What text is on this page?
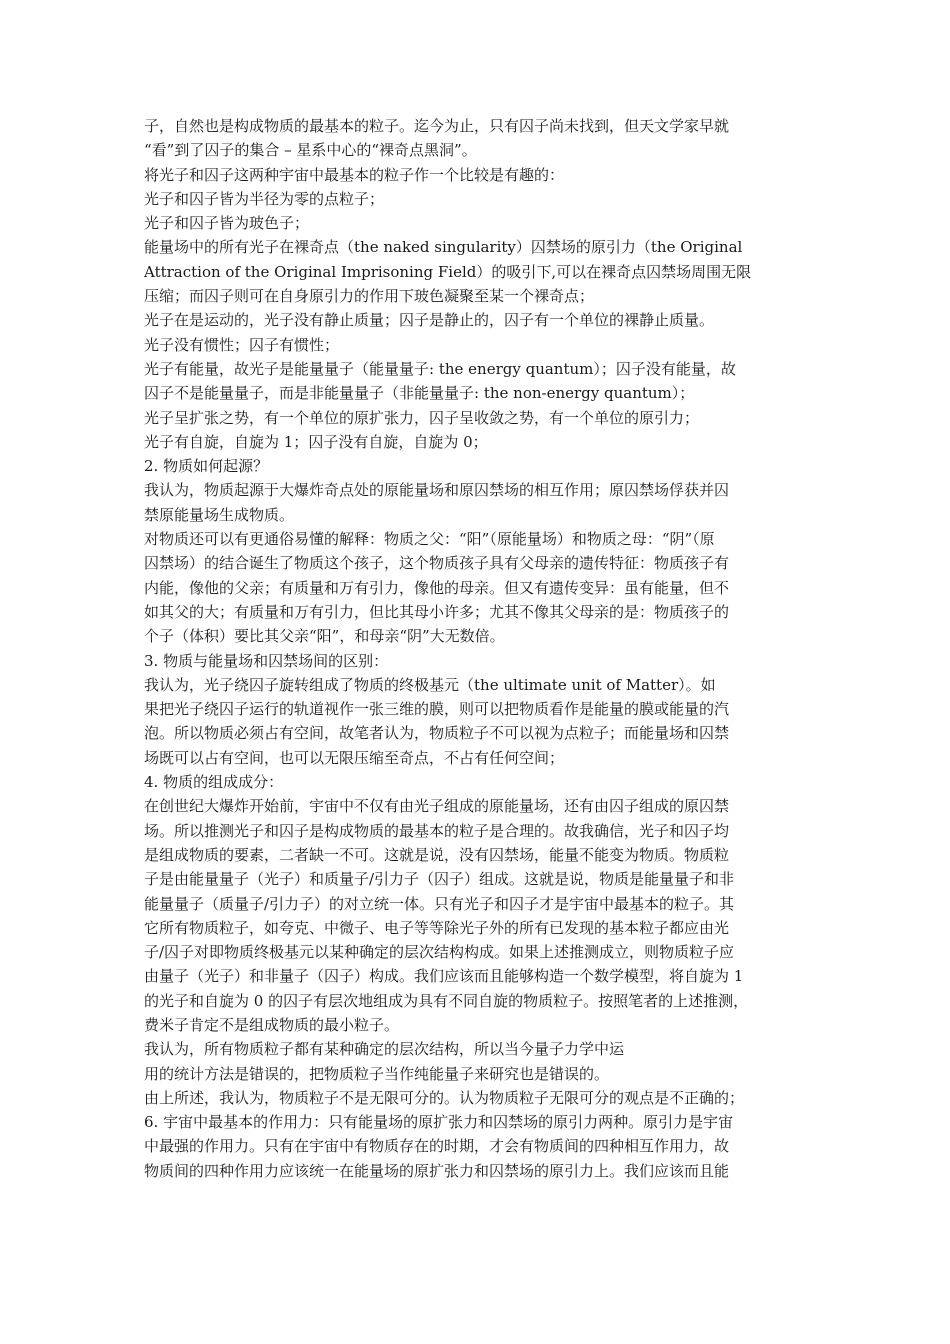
子，自然也是构成物质的最基本的粒子。迄今为止，只有囚子尚未找到，但天文学家早就
“看”到了囚子的集合 – 星系中心的“裸奇点黑洞”。
将光子和囚子这两种宇宙中最基本的粒子作一个比较是有趣的：
光子和囚子皆为半径为零的点粒子；
光子和囚子皆为玻色子；
能量场中的所有光子在裸奇点（the naked singularity）囚禁场的原引力（the Original
Attraction of the Original Imprisoning Field）的吸引下,可以在裸奇点囚禁场周围无限
压缩；而囚子则可在自身原引力的作用下玻色凝聚至某一个裸奇点；
光子在是运动的，光子没有静止质量；囚子是静止的，囚子有一个单位的裸静止质量。
光子没有惯性；囚子有惯性；
光子有能量，故光子是能量量子（能量量子: the energy quantum）；囚子没有能量，故
囚子不是能量量子，而是非能量量子（非能量量子: the non-energy quantum）；
光子呈扩张之势，有一个单位的原扩张力，囚子呈收敛之势，有一个单位的原引力；
光子有自旋，自旋为 1；囚子没有自旋，自旋为 0；
2. 物质如何起源？
我认为，物质起源于大爆炸奇点处的原能量场和原囚禁场的相互作用；原囚禁场俘获并囚
禁原能量场生成物质。
对物质还可以有更通俗易懂的解释：物质之父：“阳”（原能量场）和物质之母：“阴”（原
囚禁场）的结合诞生了物质这个孩子，这个物质孩子具有父母亲的遗传特征：物质孩子有
内能，像他的父亲；有质量和万有引力，像他的母亲。但又有遗传变异：虽有能量，但不
如其父的大；有质量和万有引力，但比其母小许多；尤其不像其父母亲的是：物质孩子的
个子（体积）要比其父亲“阳”，和母亲“阴”大无数倍。
3. 物质与能量场和囚禁场间的区别：
我认为，光子绕囚子旋转组成了物质的终极基元（the ultimate unit of Matter）。如
果把光子绕囚子运行的轨道视作一张三维的膜，则可以把物质看作是能量的膜或能量的汽
泡。所以物质必须占有空间，故笔者认为，物质粒子不可以视为点粒子；而能量场和囚禁
场既可以占有空间，也可以无限压缩至奇点，不占有任何空间；
4. 物质的组成成分：
在创世纪大爆炸开始前，宇宙中不仅有由光子组成的原能量场，还有由囚子组成的原囚禁
场。所以推测光子和囚子是构成物质的最基本的粒子是合理的。故我确信，光子和囚子均
是组成物质的要素，二者缺一不可。这就是说，没有囚禁场，能量不能变为物质。物质粒
子是由能量量子（光子）和质量子/引力子（囚子）组成。这就是说，物质是能量量子和非
能量量子（质量子/引力子）的对立统一体。只有光子和囚子才是宇宙中最基本的粒子。其
它所有物质粒子，如夸克、中微子、电子等等除光子外的所有已发现的基本粒子都应由光
子/囚子对即物质终极基元以某种确定的层次结构构成。如果上述推测成立，则物质粒子应
由量子（光子）和非量子（囚子）构成。我们应该而且能够构造一个数学模型，将自旋为 1
的光子和自旋为 0 的囚子有层次地组成为具有不同自旋的物质粒子。按照笔者的上述推测，
费米子肯定不是组成物质的最小粒子。
我认为，所有物质粒子都有某种确定的层次结构，所以当今量子力学中运
用的统计方法是错误的，把物质粒子当作纯能量子来研究也是错误的。
由上所述，我认为，物质粒子不是无限可分的。认为物质粒子无限可分的观点是不正确的；
6. 宇宙中最基本的作用力：只有能量场的原扩张力和囚禁场的原引力两种。原引力是宇宙
中最强的作用力。只有在宇宙中有物质存在的时期，才会有物质间的四种相互作用力，故
物质间的四种作用力应该统一在能量场的原扩张力和囚禁场的原引力上。我们应该而且能
